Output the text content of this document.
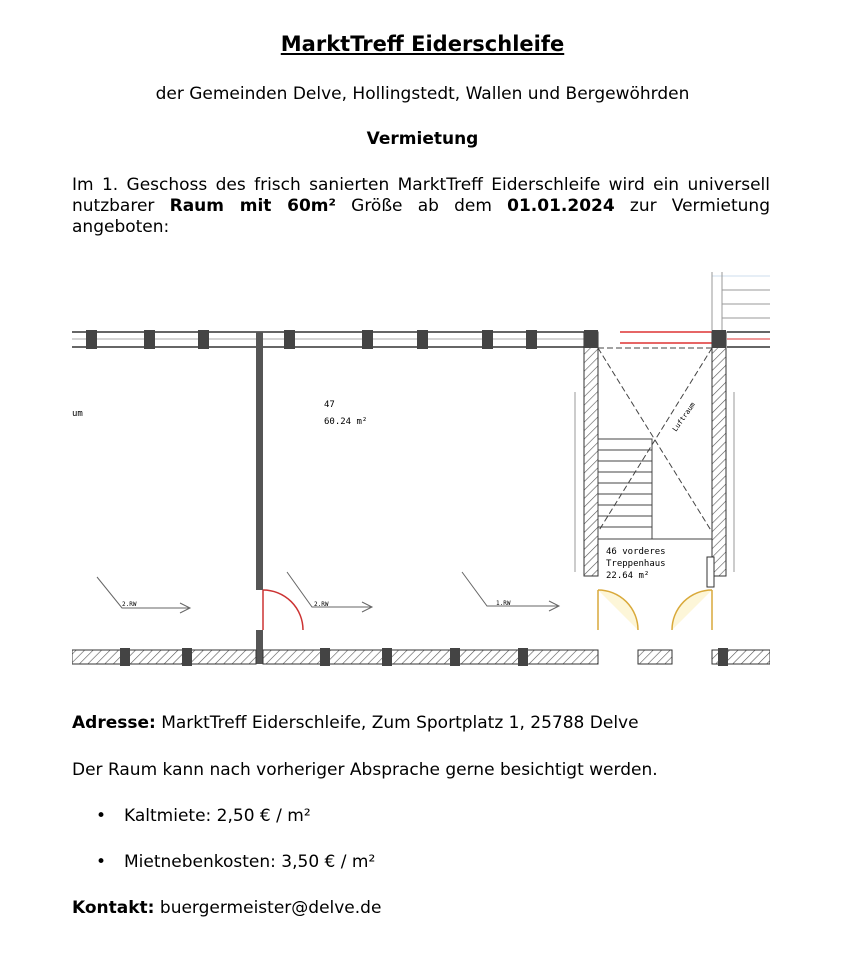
MarktTreff Eiderschleife

der Gemeinden Delve, Hollingstedt, Wallen und Bergewöhrden

Vermietung

Im 1. Geschoss des frisch sanierten MarktTreff Eiderschleife wird ein universell nutzbarer Raum mit 60m² Größe ab dem 01.01.2024 zur Vermietung angeboten:

Luftraum
um
47
60.24 m²
46 vorderes
Treppenhaus
22.64 m²
2.RW	2.RW	1.RW

Adresse: MarktTreff Eiderschleife, Zum Sportplatz 1, 25788 Delve

Der Raum kann nach vorheriger Absprache gerne besichtigt werden.

• Kaltmiete: 2,50 € / m²
• Mietnebenkosten: 3,50 € / m²

Kontakt: buergermeister@delve.de
